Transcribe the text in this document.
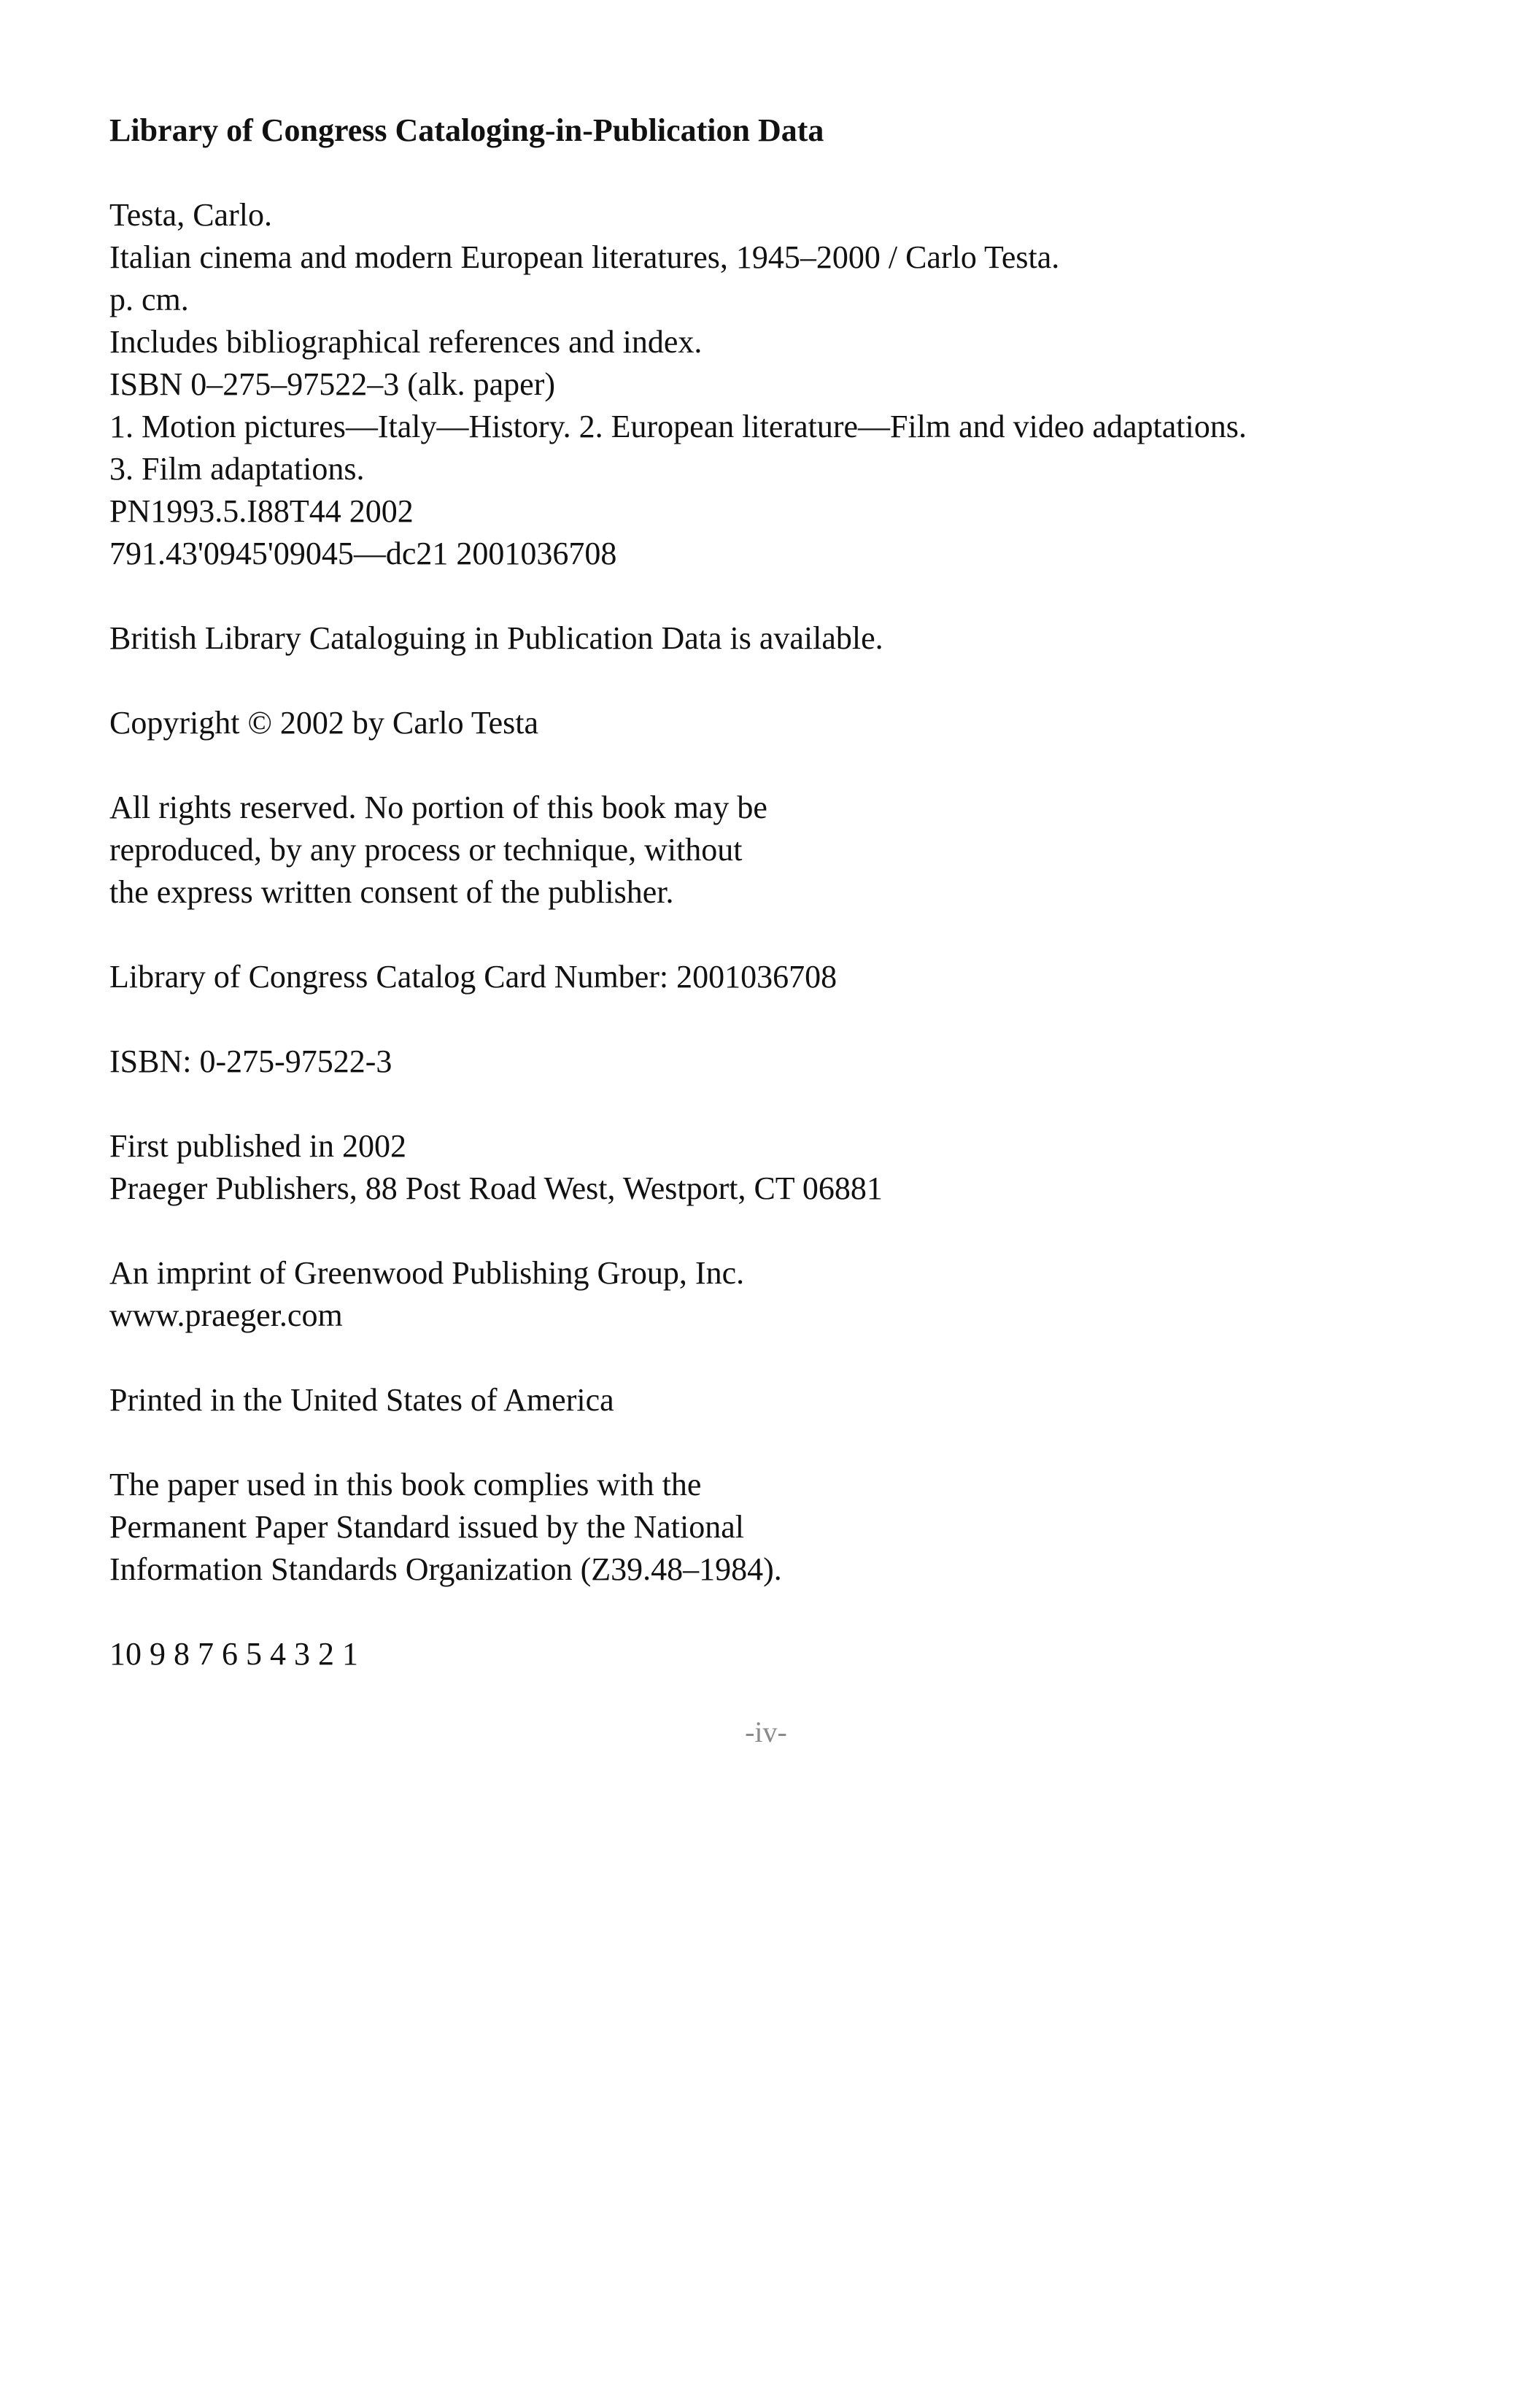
Library of Congress Cataloging-in-Publication Data
Testa, Carlo.
Italian cinema and modern European literatures, 1945–2000 / Carlo Testa.
p. cm.
Includes bibliographical references and index.
ISBN 0–275–97522–3 (alk. paper)
1. Motion pictures—Italy—History. 2. European literature—Film and video adaptations.
3. Film adaptations.
PN1993.5.I88T44 2002
791.43'0945'09045—dc21 2001036708
British Library Cataloguing in Publication Data is available.
Copyright © 2002 by Carlo Testa
All rights reserved. No portion of this book may be
reproduced, by any process or technique, without
the express written consent of the publisher.
Library of Congress Catalog Card Number: 2001036708
ISBN: 0-275-97522-3
First published in 2002
Praeger Publishers, 88 Post Road West, Westport, CT 06881
An imprint of Greenwood Publishing Group, Inc.
www.praeger.com
Printed in the United States of America
The paper used in this book complies with the
Permanent Paper Standard issued by the National
Information Standards Organization (Z39.48–1984).
10 9 8 7 6 5 4 3 2 1
-iv-
